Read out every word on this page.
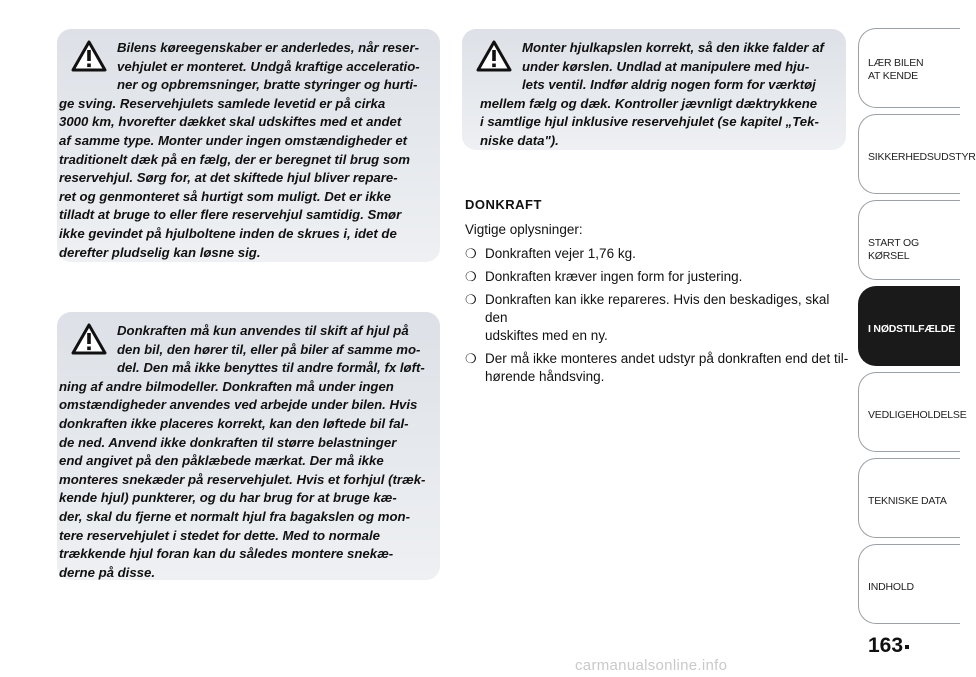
Bilens køreegenskaber er anderledes, når reser-
vehjulet er monteret. Undgå kraftige acceleratio-
ner og opbremsninger, bratte styringer og hurti-
ge sving. Reservehjulets samlede levetid er på cirka
3000 km, hvorefter dækket skal udskiftes med et andet
af samme type. Monter under ingen omstændigheder et
traditionelt dæk på en fælg, der er beregnet til brug som
reservehjul. Sørg for, at det skiftede hjul bliver repare-
ret og genmonteret så hurtigt som muligt. Det er ikke
tilladt at bruge to eller flere reservehjul samtidig. Smør
ikke gevindet på hjulboltene inden de skrues i, idet de
derefter pludselig kan løsne sig.
Donkraften må kun anvendes til skift af hjul på
den bil, den hører til, eller på biler af samme mo-
del. Den må ikke benyttes til andre formål, fx løft-
ning af andre bilmodeller. Donkraften må under ingen
omstændigheder anvendes ved arbejde under bilen. Hvis
donkraften ikke placeres korrekt, kan den løftede bil fal-
de ned. Anvend ikke donkraften til større belastninger
end angivet på den påklæbede mærkat. Der må ikke
monteres snekæder på reservehjulet. Hvis et forhjul (træk-
kende hjul) punkterer, og du har brug for at bruge kæ-
der, skal du fjerne et normalt hjul fra bagakslen og mon-
tere reservehjulet i stedet for dette. Med to normale
trækkende hjul foran kan du således montere snekæ-
derne på disse.
Monter hjulkapslen korrekt, så den ikke falder af
under kørslen. Undlad at manipulere med hju-
lets ventil. Indfør aldrig nogen form for værktøj
mellem fælg og dæk. Kontroller jævnligt dæktrykkene
i samtlige hjul inklusive reservehjulet (se kapitel „Tek-
niske data").
DONKRAFT
Vigtige oplysninger:
❍ Donkraften vejer 1,76 kg.
❍ Donkraften kræver ingen form for justering.
❍ Donkraften kan ikke repareres. Hvis den beskadiges, skal den
udskiftes med en ny.
❍ Der må ikke monteres andet udstyr på donkraften end det til-
hørende håndsving.
LÆR BILEN
AT KENDE
SIKKERHEDSUDSTYR
START OG KØRSEL
I NØDSTILFÆLDE
VEDLIGEHOLDELSE
TEKNISKE DATA
INDHOLD
163
carmanualsonline.info
